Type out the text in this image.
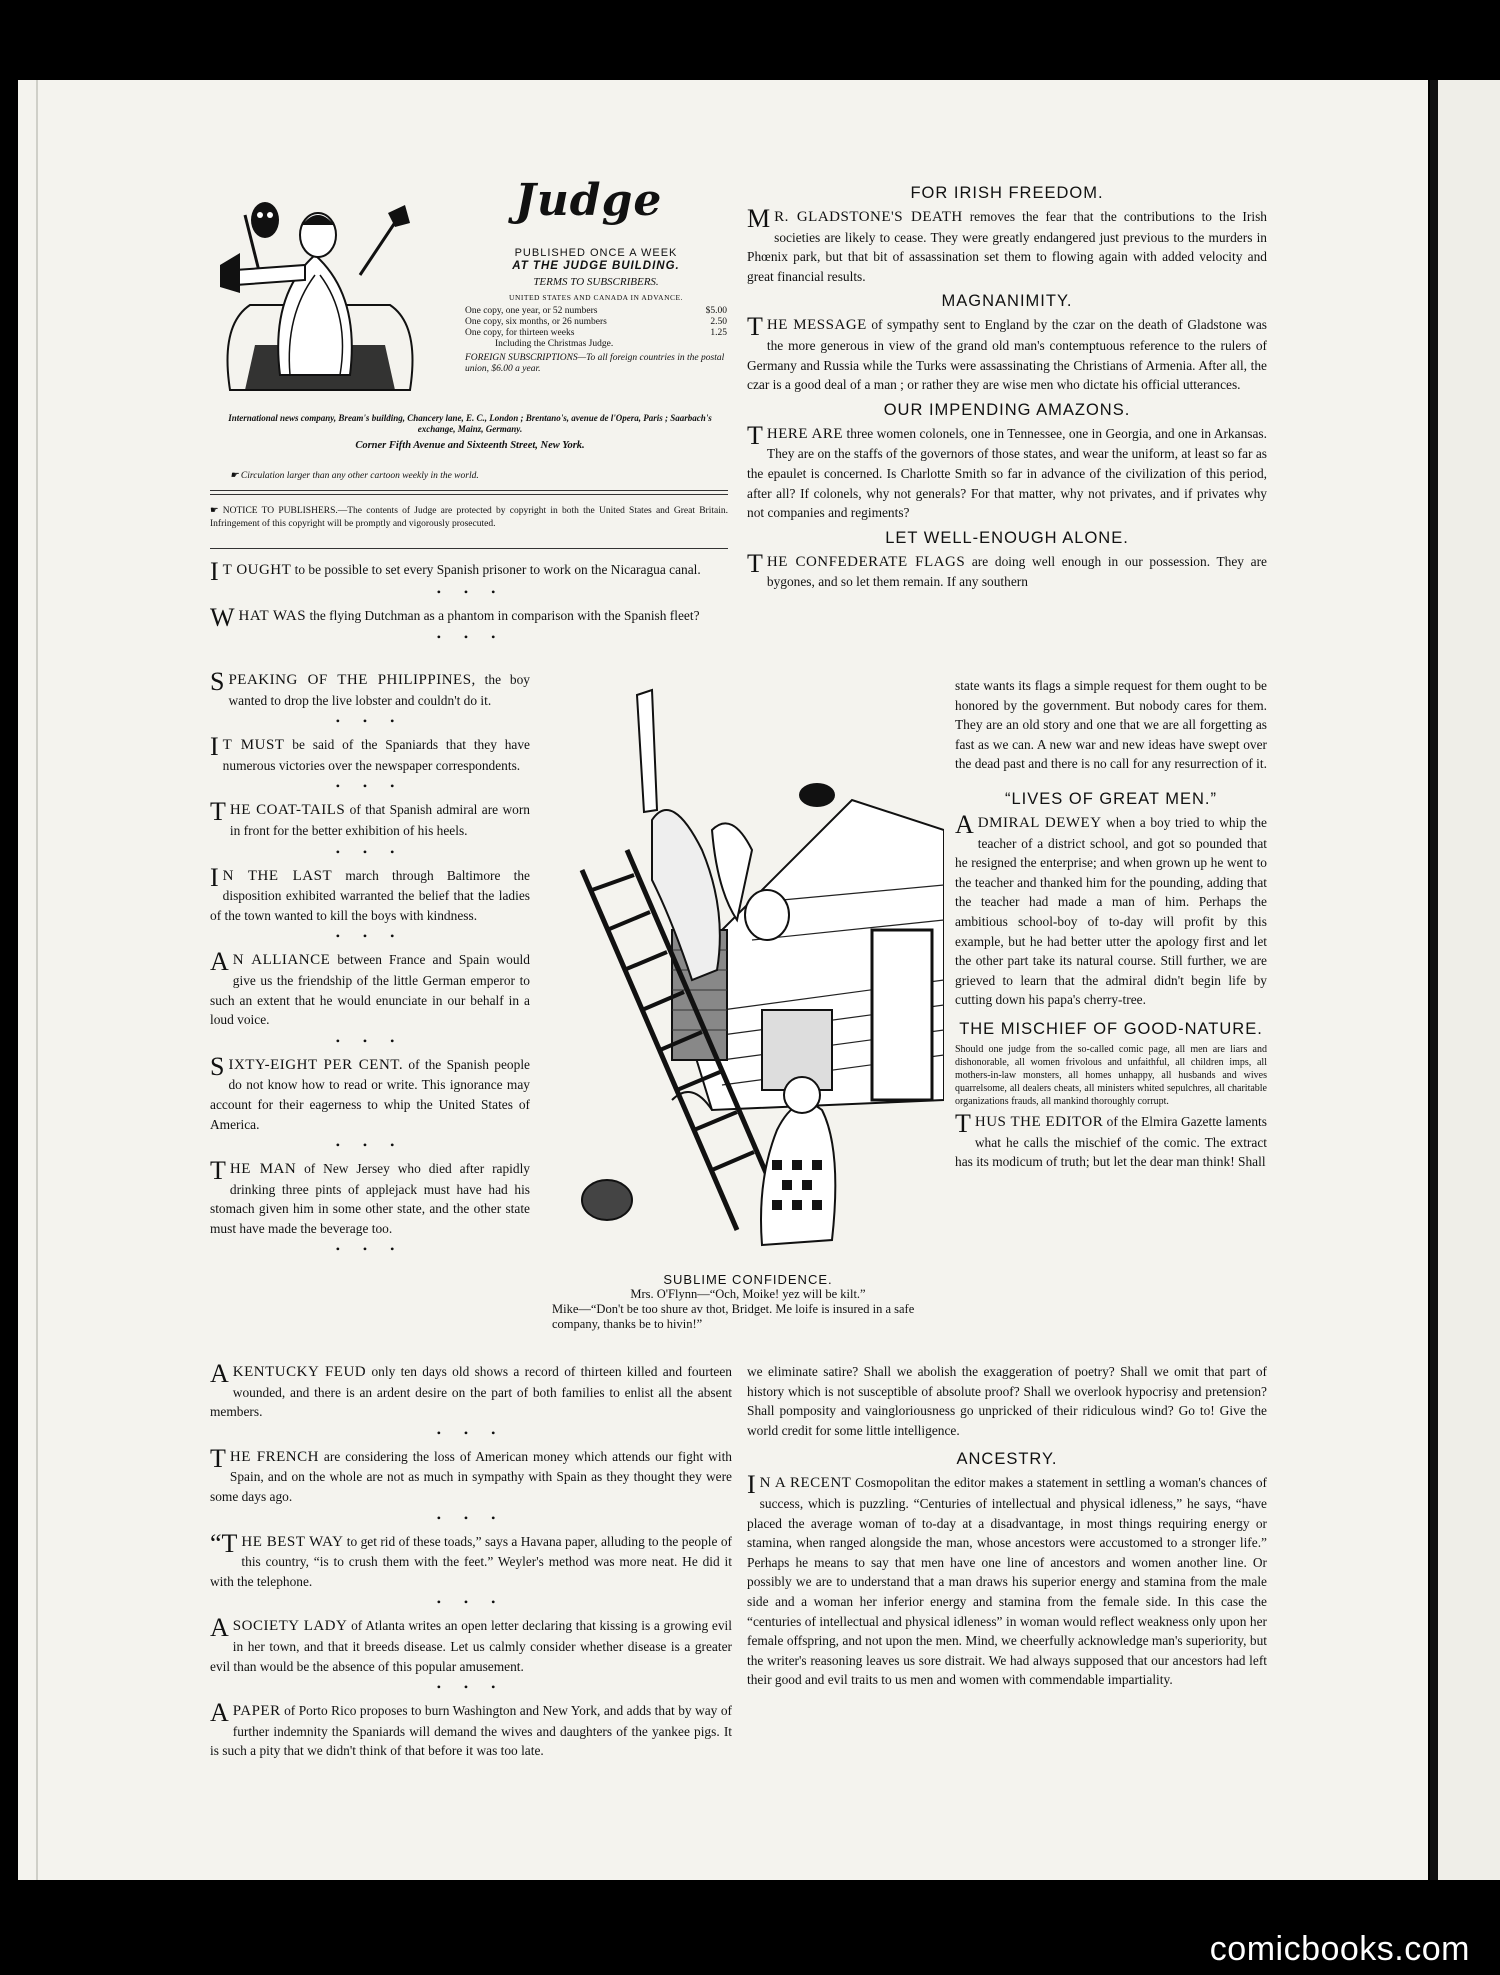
Judge
PUBLISHED ONCE A WEEK
AT THE JUDGE BUILDING.
TERMS TO SUBSCRIBERS.
UNITED STATES AND CANADA IN ADVANCE.
One copy, one year, or 52 numbers	$5.00
One copy, six months, or 26 numbers	2.50
One copy, for thirteen weeks	1.25
Including the Christmas Judge.
FOREIGN SUBSCRIPTIONS—To all foreign countries in the postal union, $6.00 a year.
International news company, Bream's building, Chancery lane, E. C., London ; Brentano's, avenue de l'Opera, Paris ; Saarbach's exchange, Mainz, Germany.
Corner Fifth Avenue and Sixteenth Street, New York.
☛ Circulation larger than any other cartoon weekly in the world.
☛ NOTICE TO PUBLISHERS.—The contents of Judge are protected by copyright in both the United States and Great Britain. Infringement of this copyright will be promptly and vigorously prosecuted.

I T OUGHT to be possible to set every Spanish prisoner to work on the Nicaragua canal.

• • •

WHAT WAS the flying Dutchman as a phantom in comparison with the Spanish fleet?

• • •

SPEAKING OF THE PHILIPPINES, the boy wanted to drop the live lobster and couldn't do it.

• • •

I T MUST be said of the Spaniards that they have numerous victories over the newspaper correspondents.

• • •

THE COAT-TAILS of that Spanish admiral are worn in front for the better exhibition of his heels.

• • •

I N THE LAST march through Baltimore the disposition exhibited warranted the belief that the ladies of the town wanted to kill the boys with kindness.

• • •

A N ALLIANCE between France and Spain would give us the friendship of the little German emperor to such an extent that he would enunciate in our behalf in a loud voice.

• • •

SIXTY-EIGHT PER CENT. of the Spanish people do not know how to read or write. This ignorance may account for their eagerness to whip the United States of America.

• • •

THE MAN of New Jersey who died after rapidly drinking three pints of applejack must have had his stomach given him in some other state, and the other state must have made the beverage too.

• • •
SUBLIME CONFIDENCE.
Mrs. O'Flynn—“Och, Moike! yez will be kilt.”
Mike—“Don't be too shure av thot, Bridget. Me loife is insured in a safe company, thanks be to hivin!”
FOR IRISH FREEDOM.

M R. GLADSTONE'S DEATH removes the fear that the contributions to the Irish societies are likely to cease. They were greatly endangered just previous to the murders in Phœnix park, but that bit of assassination set them to flowing again with added velocity and great financial results.

MAGNANIMITY.

THE MESSAGE of sympathy sent to England by the czar on the death of Gladstone was the more generous in view of the grand old man's contemptuous reference to the rulers of Germany and Russia while the Turks were assassinating the Christians of Armenia. After all, the czar is a good deal of a man ; or rather they are wise men who dictate his official utterances.

OUR IMPENDING AMAZONS.

THERE ARE three women colonels, one in Tennessee, one in Georgia, and one in Arkansas. They are on the staffs of the governors of those states, and wear the uniform, at least so far as the epaulet is concerned. Is Charlotte Smith so far in advance of the civilization of this period, after all? If colonels, why not generals? For that matter, why not privates, and if privates why not companies and regiments?

LET WELL-ENOUGH ALONE.

THE CONFEDERATE FLAGS are doing well enough in our possession. They are bygones, and so let them remain. If any southern

state wants its flags a simple request for them ought to be honored by the government. But nobody cares for them. They are an old story and one that we are all forgetting as fast as we can. A new war and new ideas have swept over the dead past and there is no call for any resurrection of it.

“LIVES OF GREAT MEN.”

ADMIRAL DEWEY when a boy tried to whip the teacher of a district school, and got so pounded that he resigned the enterprise; and when grown up he went to the teacher and thanked him for the pounding, adding that the teacher had made a man of him. Perhaps the ambitious school-boy of to-day will profit by this example, but he had better utter the apology first and let the other part take its natural course. Still further, we are grieved to learn that the admiral didn't begin life by cutting down his papa's cherry-tree.

THE MISCHIEF OF GOOD-NATURE.

Should one judge from the so-called comic page, all men are liars and dishonorable, all women frivolous and unfaithful, all children imps, all mothers-in-law monsters, all homes unhappy, all husbands and wives quarrelsome, all dealers cheats, all ministers whited sepulchres, all charitable organizations frauds, all mankind thoroughly corrupt.

THUS THE EDITOR of the Elmira Gazette laments what he calls the mischief of the comic. The extract has its modicum of truth; but let the dear man think! Shall

we eliminate satire? Shall we abolish the exaggeration of poetry? Shall we omit that part of history which is not susceptible of absolute proof? Shall we overlook hypocrisy and pretension? Shall pomposity and vaingloriousness go unpricked of their ridiculous wind? Go to! Give the world credit for some little intelligence.

ANCESTRY.

I N A RECENT Cosmopolitan the editor makes a statement in settling a woman's chances of success, which is puzzling. “Centuries of intellectual and physical idleness,” he says, “have placed the average woman of to-day at a disadvantage, in most things requiring energy or stamina, when ranged alongside the man, whose ancestors were accustomed to a stronger life.” Perhaps he means to say that men have one line of ancestors and women another line. Or possibly we are to understand that a man draws his superior energy and stamina from the male side and a woman her inferior energy and stamina from the female side. In this case the “centuries of intellectual and physical idleness” in woman would reflect weakness only upon her female offspring, and not upon the men. Mind, we cheerfully acknowledge man's superiority, but the writer's reasoning leaves us sore distrait. We had always supposed that our ancestors had left their good and evil traits to us men and women with commendable impartiality.

A KENTUCKY FEUD only ten days old shows a record of thirteen killed and fourteen wounded, and there is an ardent desire on the part of both families to enlist all the absent members.

• • •

THE FRENCH are considering the loss of American money which attends our fight with Spain, and on the whole are not as much in sympathy with Spain as they thought they were some days ago.

• • •

“THE BEST WAY to get rid of these toads,” says a Havana paper, alluding to the people of this country, “is to crush them with the feet.” Weyler's method was more neat. He did it with the telephone.

• • •

A SOCIETY LADY of Atlanta writes an open letter declaring that kissing is a growing evil in her town, and that it breeds disease. Let us calmly consider whether disease is a greater evil than would be the absence of this popular amusement.

• • •

A PAPER of Porto Rico proposes to burn Washington and New York, and adds that by way of further indemnity the Spaniards will demand the wives and daughters of the yankee pigs. It is such a pity that we didn't think of that before it was too late.

comicbooks.com
